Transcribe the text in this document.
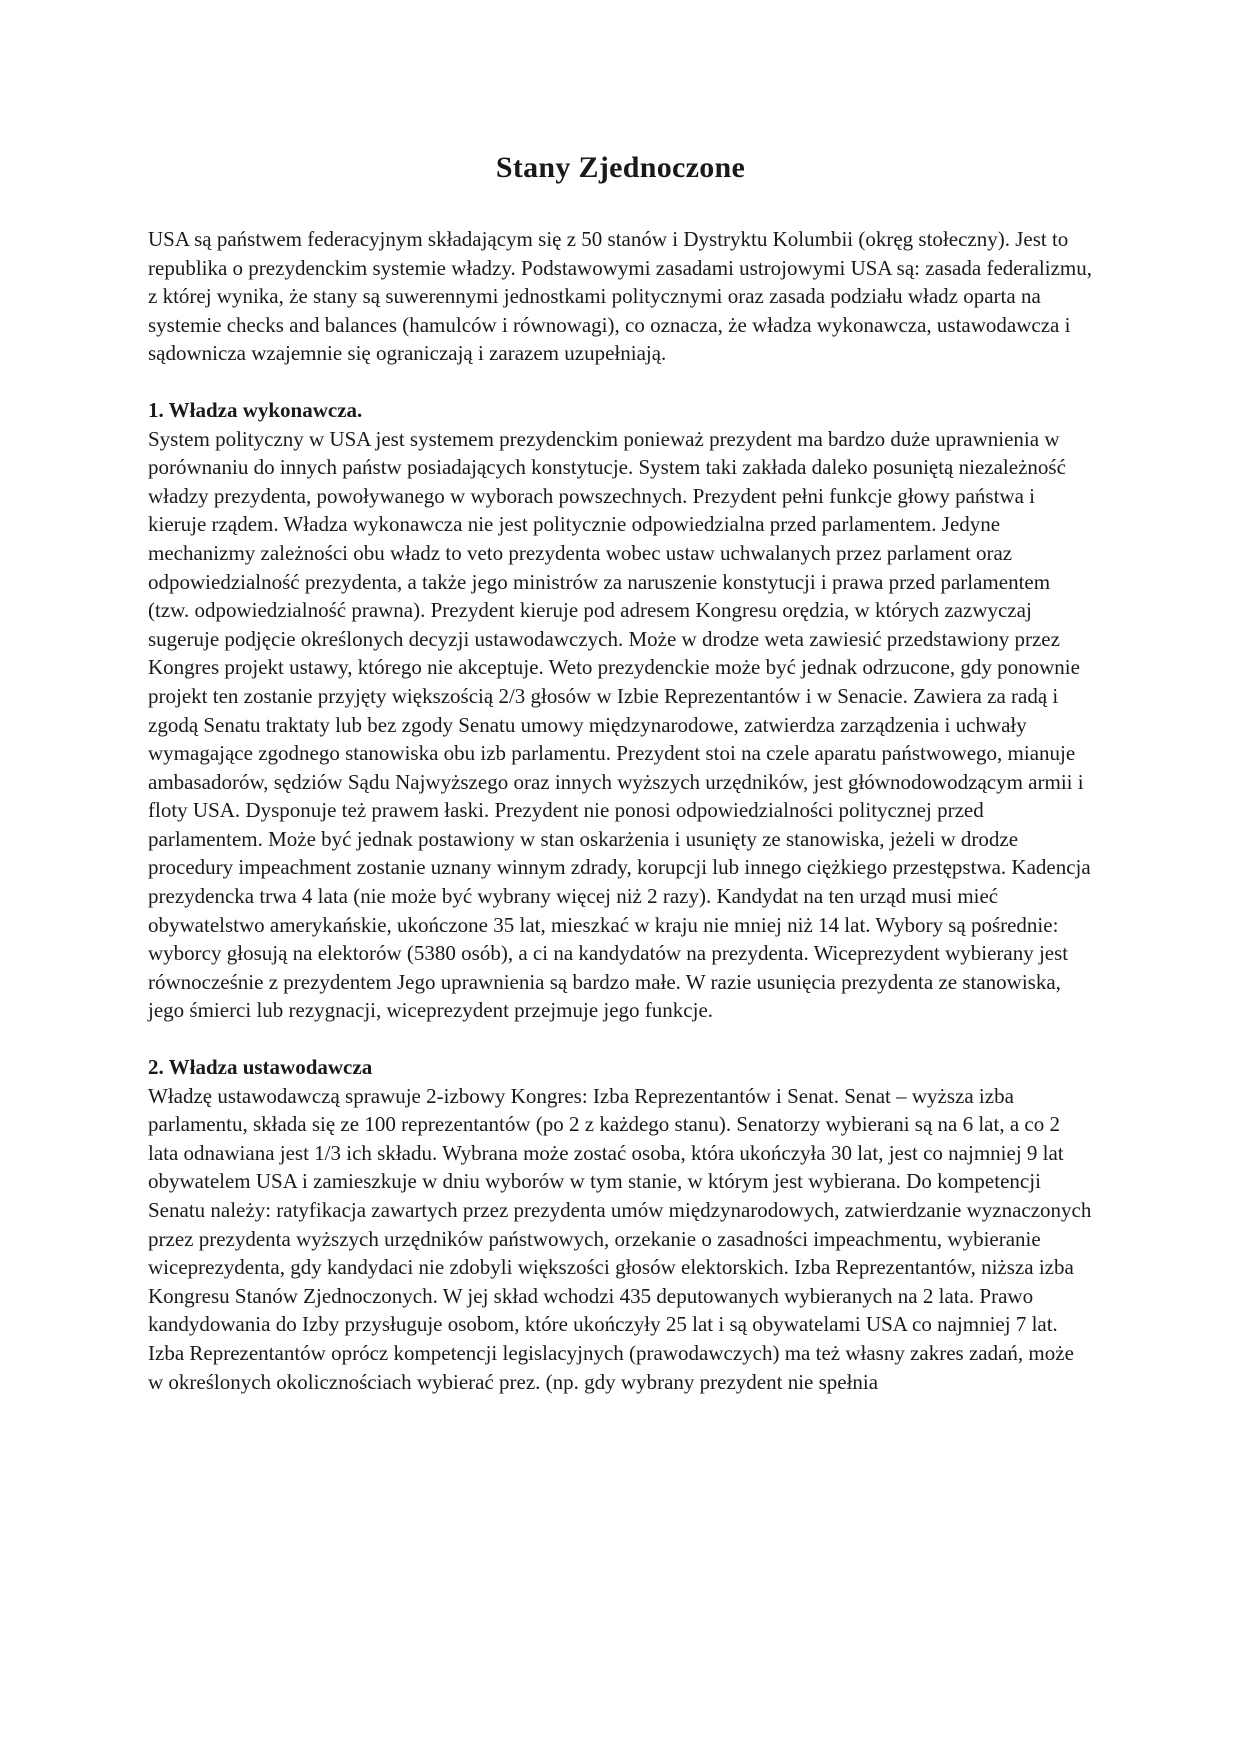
Stany Zjednoczone

USA są państwem federacyjnym składającym się z 50 stanów i Dystryktu Kolumbii (okręg stołeczny). Jest to republika o prezydenckim systemie władzy. Podstawowymi zasadami ustrojowymi USA są: zasada federalizmu, z której wynika, że stany są suwerennymi jednostkami politycznymi oraz zasada podziału władz oparta na systemie checks and balances (hamulców i równowagi), co oznacza, że władza wykonawcza, ustawodawcza i sądownicza wzajemnie się ograniczają i zarazem uzupełniają.

1. Władza wykonawcza.

System polityczny w USA jest systemem prezydenckim ponieważ prezydent ma bardzo duże uprawnienia w porównaniu do innych państw posiadających konstytucje. System taki zakłada daleko posuniętą niezależność władzy prezydenta, powoływanego w wyborach powszechnych. Prezydent pełni funkcje głowy państwa i kieruje rządem. Władza wykonawcza nie jest politycznie odpowiedzialna przed parlamentem. Jedyne mechanizmy zależności obu władz to veto prezydenta wobec ustaw uchwalanych przez parlament oraz odpowiedzialność prezydenta, a także jego ministrów za naruszenie konstytucji i prawa przed parlamentem (tzw. odpowiedzialność prawna). Prezydent kieruje pod adresem Kongresu orędzia, w których zazwyczaj sugeruje podjęcie określonych decyzji ustawodawczych. Może w drodze weta zawiesić przedstawiony przez Kongres projekt ustawy, którego nie akceptuje. Weto prezydenckie może być jednak odrzucone, gdy ponownie projekt ten zostanie przyjęty większością 2/3 głosów w Izbie Reprezentantów i w Senacie. Zawiera za radą i zgodą Senatu traktaty lub bez zgody Senatu umowy międzynarodowe, zatwierdza zarządzenia i uchwały wymagające zgodnego stanowiska obu izb parlamentu. Prezydent stoi na czele aparatu państwowego, mianuje ambasadorów, sędziów Sądu Najwyższego oraz innych wyższych urzędników, jest głównodowodzącym armii i floty USA. Dysponuje też prawem łaski. Prezydent nie ponosi odpowiedzialności politycznej przed parlamentem. Może być jednak postawiony w stan oskarżenia i usunięty ze stanowiska, jeżeli w drodze procedury impeachment zostanie uznany winnym zdrady, korupcji lub innego ciężkiego przestępstwa. Kadencja prezydencka trwa 4 lata (nie może być wybrany więcej niż 2 razy). Kandydat na ten urząd musi mieć obywatelstwo amerykańskie, ukończone 35 lat, mieszkać w kraju nie mniej niż 14 lat. Wybory są pośrednie: wyborcy głosują na elektorów (5380 osób), a ci na kandydatów na prezydenta. Wiceprezydent wybierany jest równocześnie z prezydentem Jego uprawnienia są bardzo małe. W razie usunięcia prezydenta ze stanowiska, jego śmierci lub rezygnacji, wiceprezydent przejmuje jego funkcje.

2. Władza ustawodawcza

Władzę ustawodawczą sprawuje 2-izbowy Kongres: Izba Reprezentantów i Senat. Senat – wyższa izba parlamentu, składa się ze 100 reprezentantów (po 2 z każdego stanu). Senatorzy wybierani są na 6 lat, a co 2 lata odnawiana jest 1/3 ich składu. Wybrana może zostać osoba, która ukończyła 30 lat, jest co najmniej 9 lat obywatelem USA i zamieszkuje w dniu wyborów w tym stanie, w którym jest wybierana. Do kompetencji Senatu należy: ratyfikacja zawartych przez prezydenta umów międzynarodowych, zatwierdzanie wyznaczonych przez prezydenta wyższych urzędników państwowych, orzekanie o zasadności impeachmentu, wybieranie wiceprezydenta, gdy kandydaci nie zdobyli większości głosów elektorskich. Izba Reprezentantów, niższa izba Kongresu Stanów Zjednoczonych. W jej skład wchodzi 435 deputowanych wybieranych na 2 lata. Prawo kandydowania do Izby przysługuje osobom, które ukończyły 25 lat i są obywatelami USA co najmniej 7 lat. Izba Reprezentantów oprócz kompetencji legislacyjnych (prawodawczych) ma też własny zakres zadań, może w określonych okolicznościach wybierać prez. (np. gdy wybrany prezydent nie spełnia
